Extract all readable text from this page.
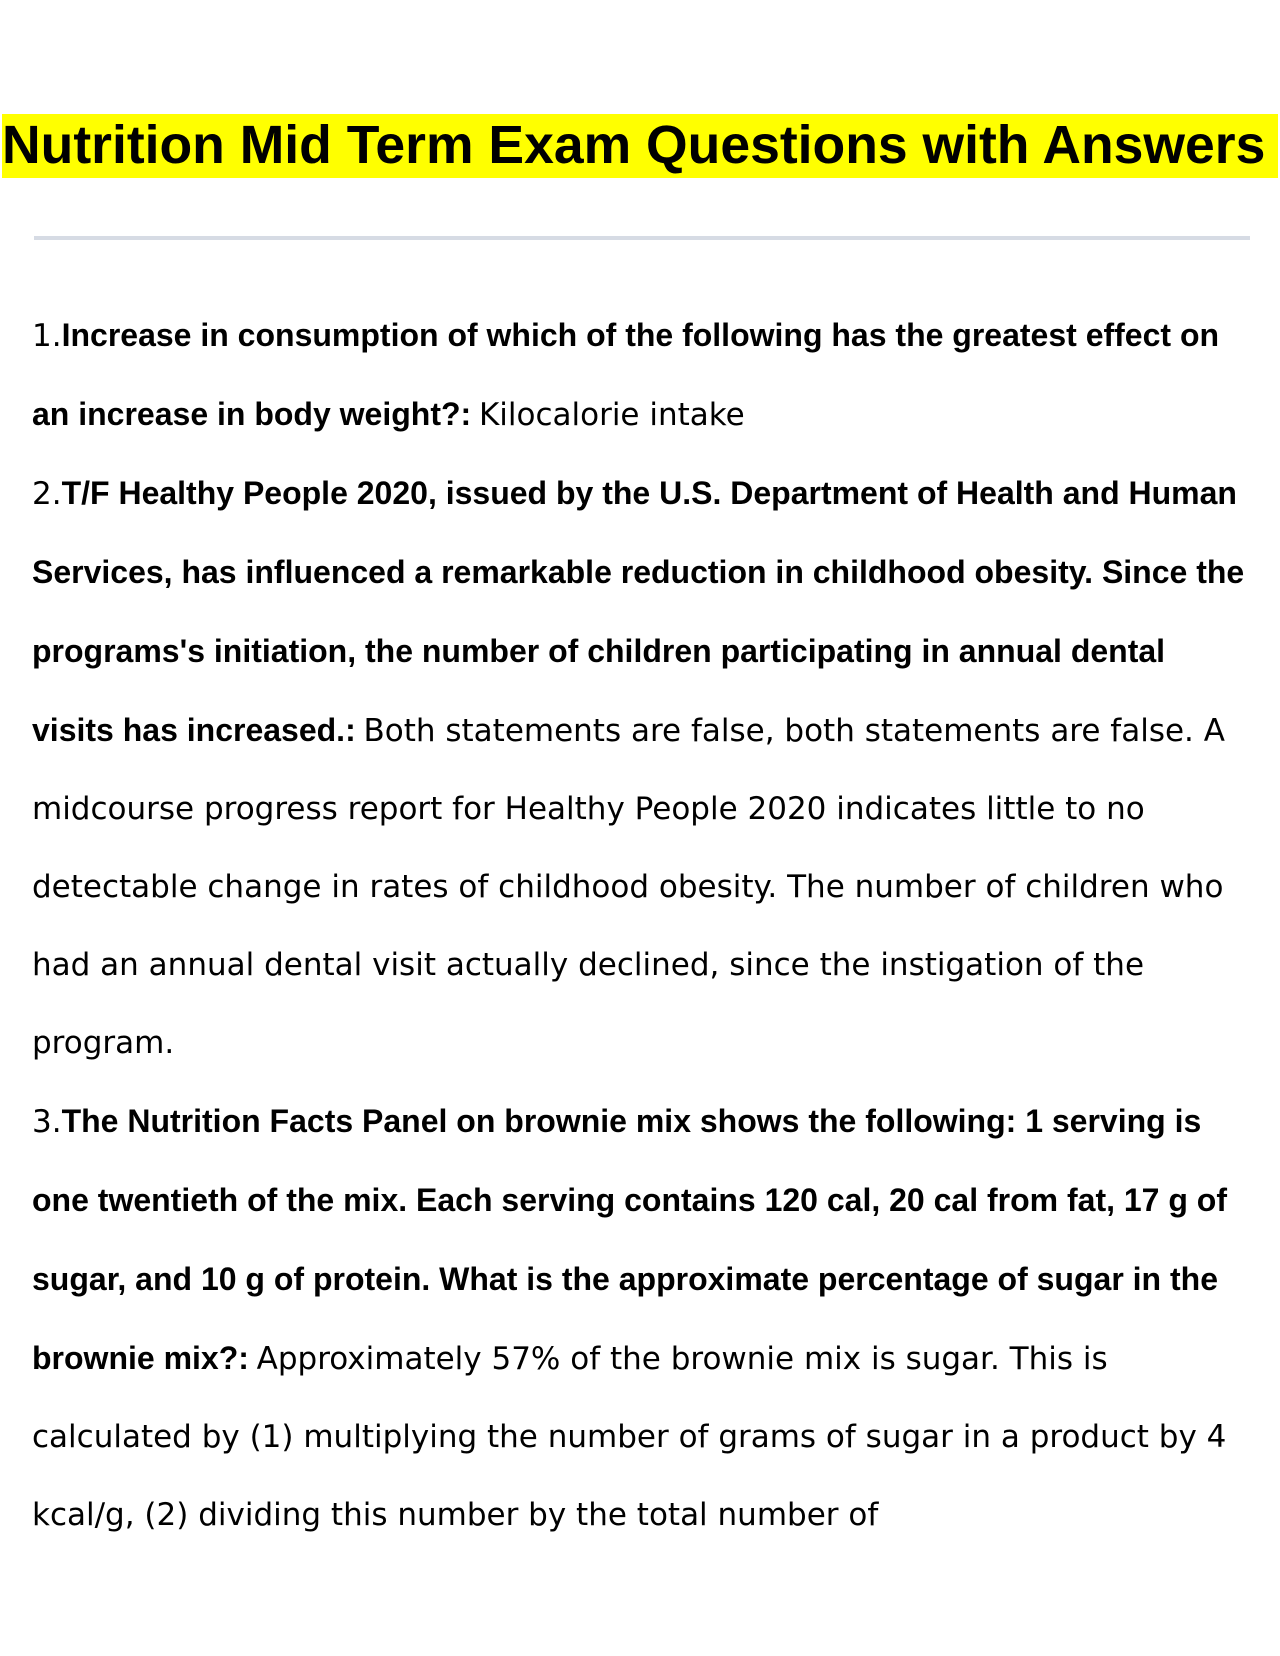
Nutrition Mid Term Exam Questions with Answers
1.Increase in consumption of which of the following has the greatest effect on an increase in body weight?: Kilocalorie intake
2.T/F Healthy People 2020, issued by the U.S. Department of Health and Human Services, has influenced a remarkable reduction in childhood obesity. Since the programs's initiation, the number of children participating in annual dental visits has increased.: Both statements are false, both statements are false. A midcourse progress report for Healthy People 2020 indicates little to no detectable change in rates of childhood obesity. The number of children who had an annual dental visit actually declined, since the instigation of the program.
3.The Nutrition Facts Panel on brownie mix shows the following: 1 serving is one twentieth of the mix. Each serving contains 120 cal, 20 cal from fat, 17 g of sugar, and 10 g of protein. What is the approximate percentage of sugar in the brownie mix?: Approximately 57% of the brownie mix is sugar. This is calculated by (1) multiplying the number of grams of sugar in a product by 4 kcal/g, (2) dividing this number by the total number of
